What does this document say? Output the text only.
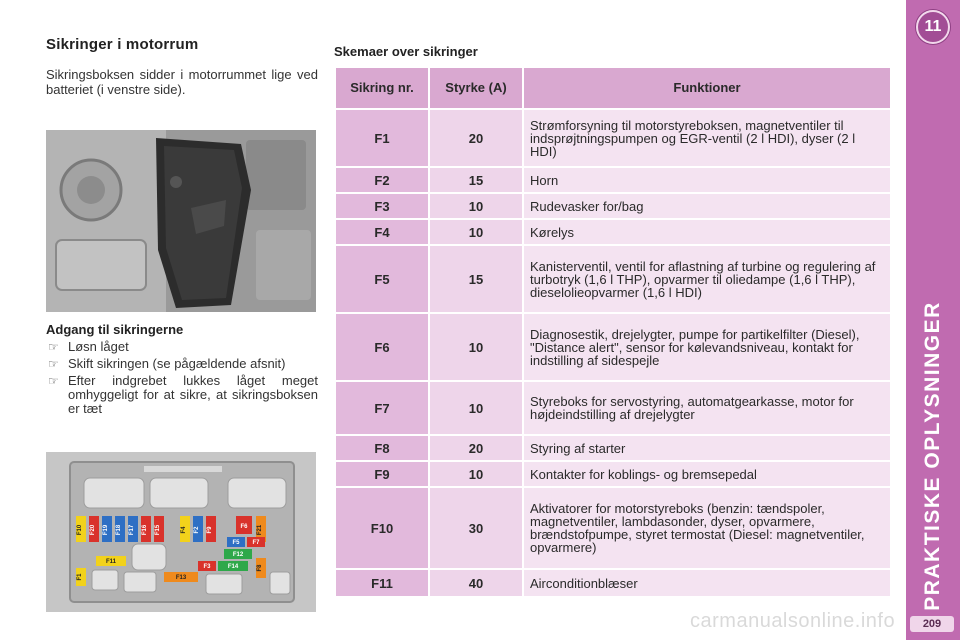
Sikringer i motorrum

Sikringsboksen sidder i motorrummet lige ved batteriet (i venstre side).

Adgang til sikringerne
☞ Løsn låget
☞ Skift sikringen (se pågældende afsnit)
☞ Efter indgrebet lukkes låget meget omhyggeligt for at sikre, at sikringsboksen er tæt
F10 F20 F19 F18 F17 F16 F15	F4 F2 F9	F6 F21
F5 F7
F12
F11
F3	F14	F8
F1	F13
Skemaer over sikringer
Sikring nr.	Styrke (A)	Funktioner
F1	20	Strømforsyning til motorstyreboksen, magnetventiler til indsprøjtningspumpen og EGR-ventil (2 l HDI), dyser (2 l HDI)
F2	15	Horn
F3	10	Rudevasker for/bag
F4	10	Kørelys
F5	15	Kanisterventil, ventil for aflastning af turbine og regulering af turbotryk (1,6 l THP), opvarmer til oliedampe (1,6 l THP), dieselolieopvarmer (1,6 l HDI)
F6	10	Diagnosestik, drejelygter, pumpe for partikelfilter (Diesel), "Distance alert", sensor for kølevandsniveau, kontakt for indstilling af sidespejle
F7	10	Styreboks for servostyring, automatgearkasse, motor for højdeindstilling af drejelygter
F8	20	Styring af starter
F9	10	Kontakter for koblings- og bremsepedal
F10	30	Aktivatorer for motorstyreboks (benzin: tændspoler, magnetventiler, lambdasonder, dyser, opvarmere, brændstofpumpe, styret termostat (Diesel: magnetventiler, opvarmere)
F11	40	Airconditionblæser
11
PRAKTISKE OPLYSNINGER
209
carmanualsonline.info
